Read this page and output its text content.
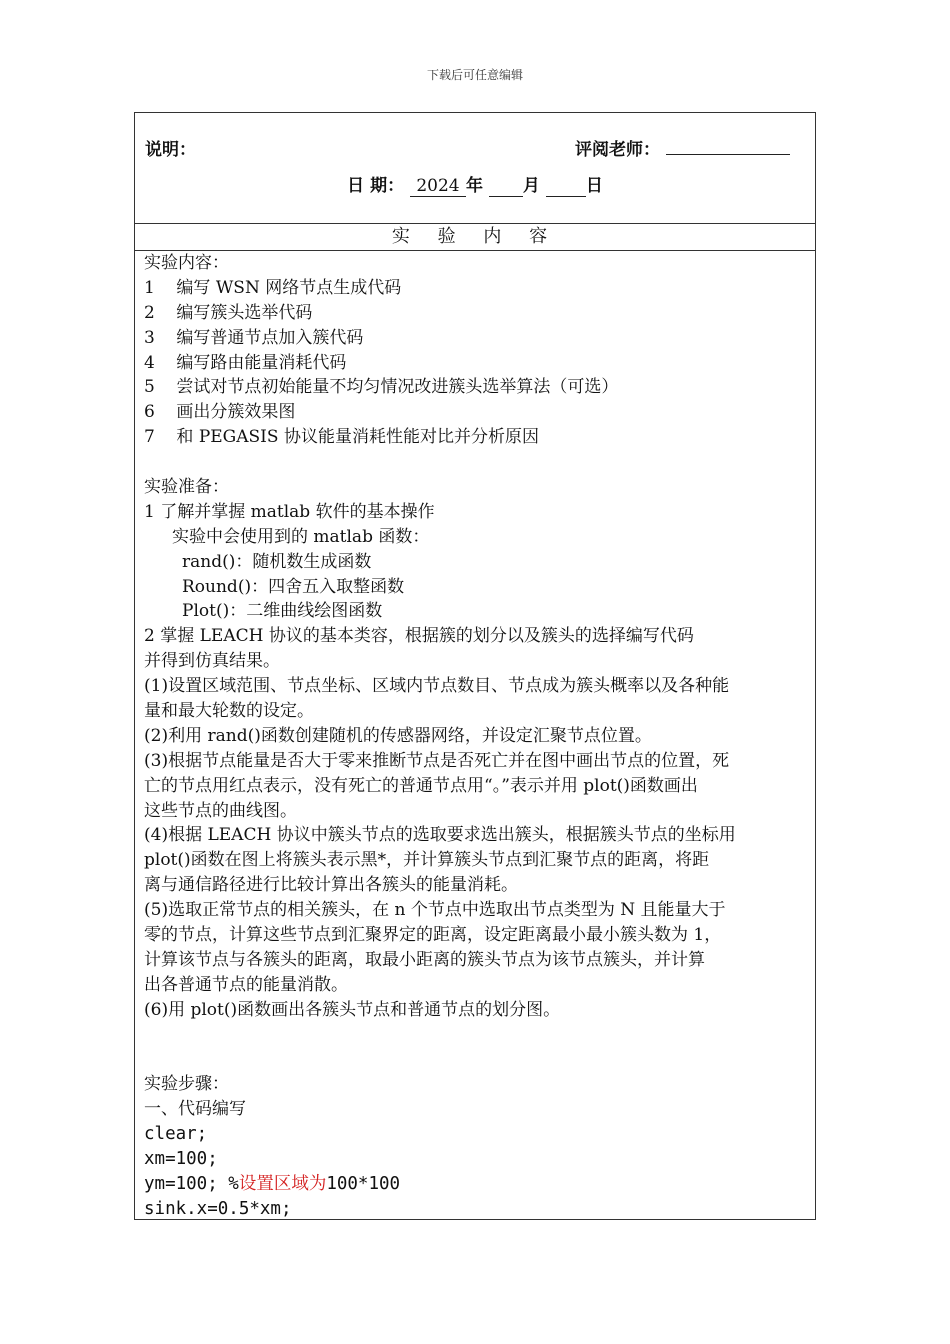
下载后可任意编辑
说明：	评阅老师：
日 期： 2024 年 月	日
实 验 内 容
实验内容：
1    编写 WSN 网络节点生成代码
2    编写簇头选举代码
3    编写普通节点加入簇代码
4    编写路由能量消耗代码
5    尝试对节点初始能量不均匀情况改进簇头选举算法（可选）
6    画出分簇效果图
7    和 PEGASIS 协议能量消耗性能对比并分析原因
实验准备：
1 了解并掌握 matlab 软件的基本操作
实验中会使用到的 matlab 函数：
rand()：随机数生成函数
Round()：四舍五入取整函数
Plot()：二维曲线绘图函数
2 掌握 LEACH 协议的基本类容，根据簇的划分以及簇头的选择编写代码
并得到仿真结果。
(1)设置区域范围、节点坐标、区域内节点数目、节点成为簇头概率以及各种能
量和最大轮数的设定。
(2)利用 rand()函数创建随机的传感器网络，并设定汇聚节点位置。
(3)根据节点能量是否大于零来推断节点是否死亡并在图中画出节点的位置，死
亡的节点用红点表示，没有死亡的普通节点用“。”表示并用 plot()函数画出
这些节点的曲线图。
(4)根据 LEACH 协议中簇头节点的选取要求选出簇头，根据簇头节点的坐标用
plot()函数在图上将簇头表示黑*，并计算簇头节点到汇聚节点的距离，将距
离与通信路径进行比较计算出各簇头的能量消耗。
(5)选取正常节点的相关簇头，在 n 个节点中选取出节点类型为 N 且能量大于
零的节点，计算这些节点到汇聚界定的距离，设定距离最小最小簇头数为 1，
计算该节点与各簇头的距离，取最小距离的簇头节点为该节点簇头，并计算
出各普通节点的能量消散。
(6)用 plot()函数画出各簇头节点和普通节点的划分图。
实验步骤：
一、代码编写
clear;
xm=100;
ym=100; %设置区域为100*100
sink.x=0.5*xm;
